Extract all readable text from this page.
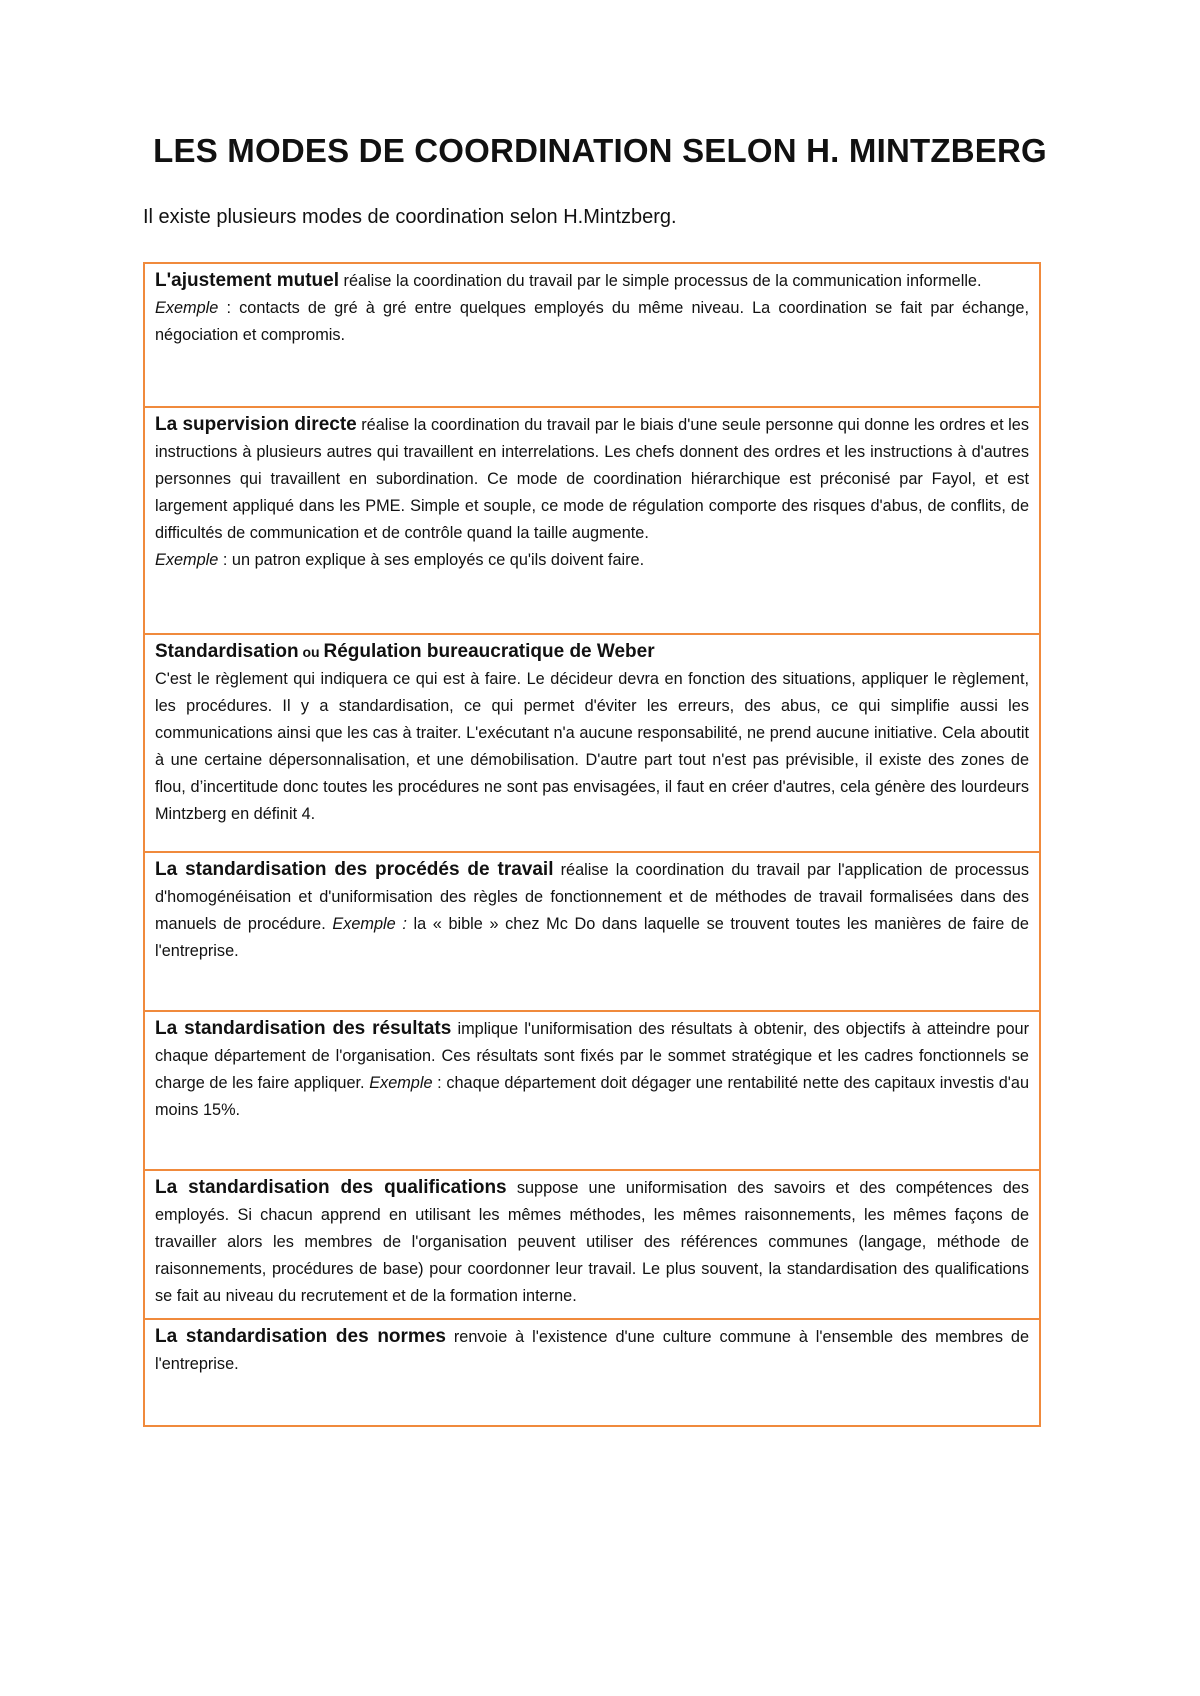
LES MODES DE COORDINATION SELON H. MINTZBERG

Il existe plusieurs modes de coordination selon H.Mintzberg.

L'ajustement mutuel réalise la coordination du travail par le simple processus de la communication informelle.
Exemple : contacts de gré à gré entre quelques employés du même niveau. La coordination se fait par échange, négociation et compromis.
La supervision directe réalise la coordination du travail par le biais d'une seule personne qui donne les ordres et les instructions à plusieurs autres qui travaillent en interrelations. Les chefs donnent des ordres et les instructions à d'autres personnes qui travaillent en subordination. Ce mode de coordination hiérarchique est préconisé par Fayol, et est largement appliqué dans les PME. Simple et souple, ce mode de régulation comporte des risques d'abus, de conflits, de difficultés de communication et de contrôle quand la taille augmente.
Exemple : un patron explique à ses employés ce qu'ils doivent faire.

Standardisation ou Régulation bureaucratique de Weber
C'est le règlement qui indiquera ce qui est à faire. Le décideur devra en fonction des situations, appliquer le règlement, les procédures. Il y a standardisation, ce qui permet d'éviter les erreurs, des abus, ce qui simplifie aussi les communications ainsi que les cas à traiter. L'exécutant n'a aucune responsabilité, ne prend aucune initiative. Cela aboutit à une certaine dépersonnalisation, et une démobilisation. D'autre part tout n'est pas prévisible, il existe des zones de flou, d’incertitude donc toutes les procédures ne sont pas envisagées, il faut en créer d'autres, cela génère des lourdeurs Mintzberg en définit 4.
La standardisation des procédés de travail réalise la coordination du travail par l'application de processus d'homogénéisation et d'uniformisation des règles de fonctionnement et de méthodes de travail formalisées dans des manuels de procédure. Exemple : la « bible » chez Mc Do dans laquelle se trouvent toutes les manières de faire de l'entreprise.
La standardisation des résultats implique l'uniformisation des résultats à obtenir, des objectifs à atteindre pour chaque département de l'organisation. Ces résultats sont fixés par le sommet stratégique et les cadres fonctionnels se charge de les faire appliquer. Exemple : chaque département doit dégager une rentabilité nette des capitaux investis d'au moins 15%.
La standardisation des qualifications suppose une uniformisation des savoirs et des compétences des employés. Si chacun apprend en utilisant les mêmes méthodes, les mêmes raisonnements, les mêmes façons de travailler alors les membres de l'organisation peuvent utiliser des références communes (langage, méthode de raisonnements, procédures de base) pour coordonner leur travail. Le plus souvent, la standardisation des qualifications se fait au niveau du recrutement et de la formation interne.
La standardisation des normes renvoie à l'existence d'une culture commune à l'ensemble des membres de l'entreprise.
